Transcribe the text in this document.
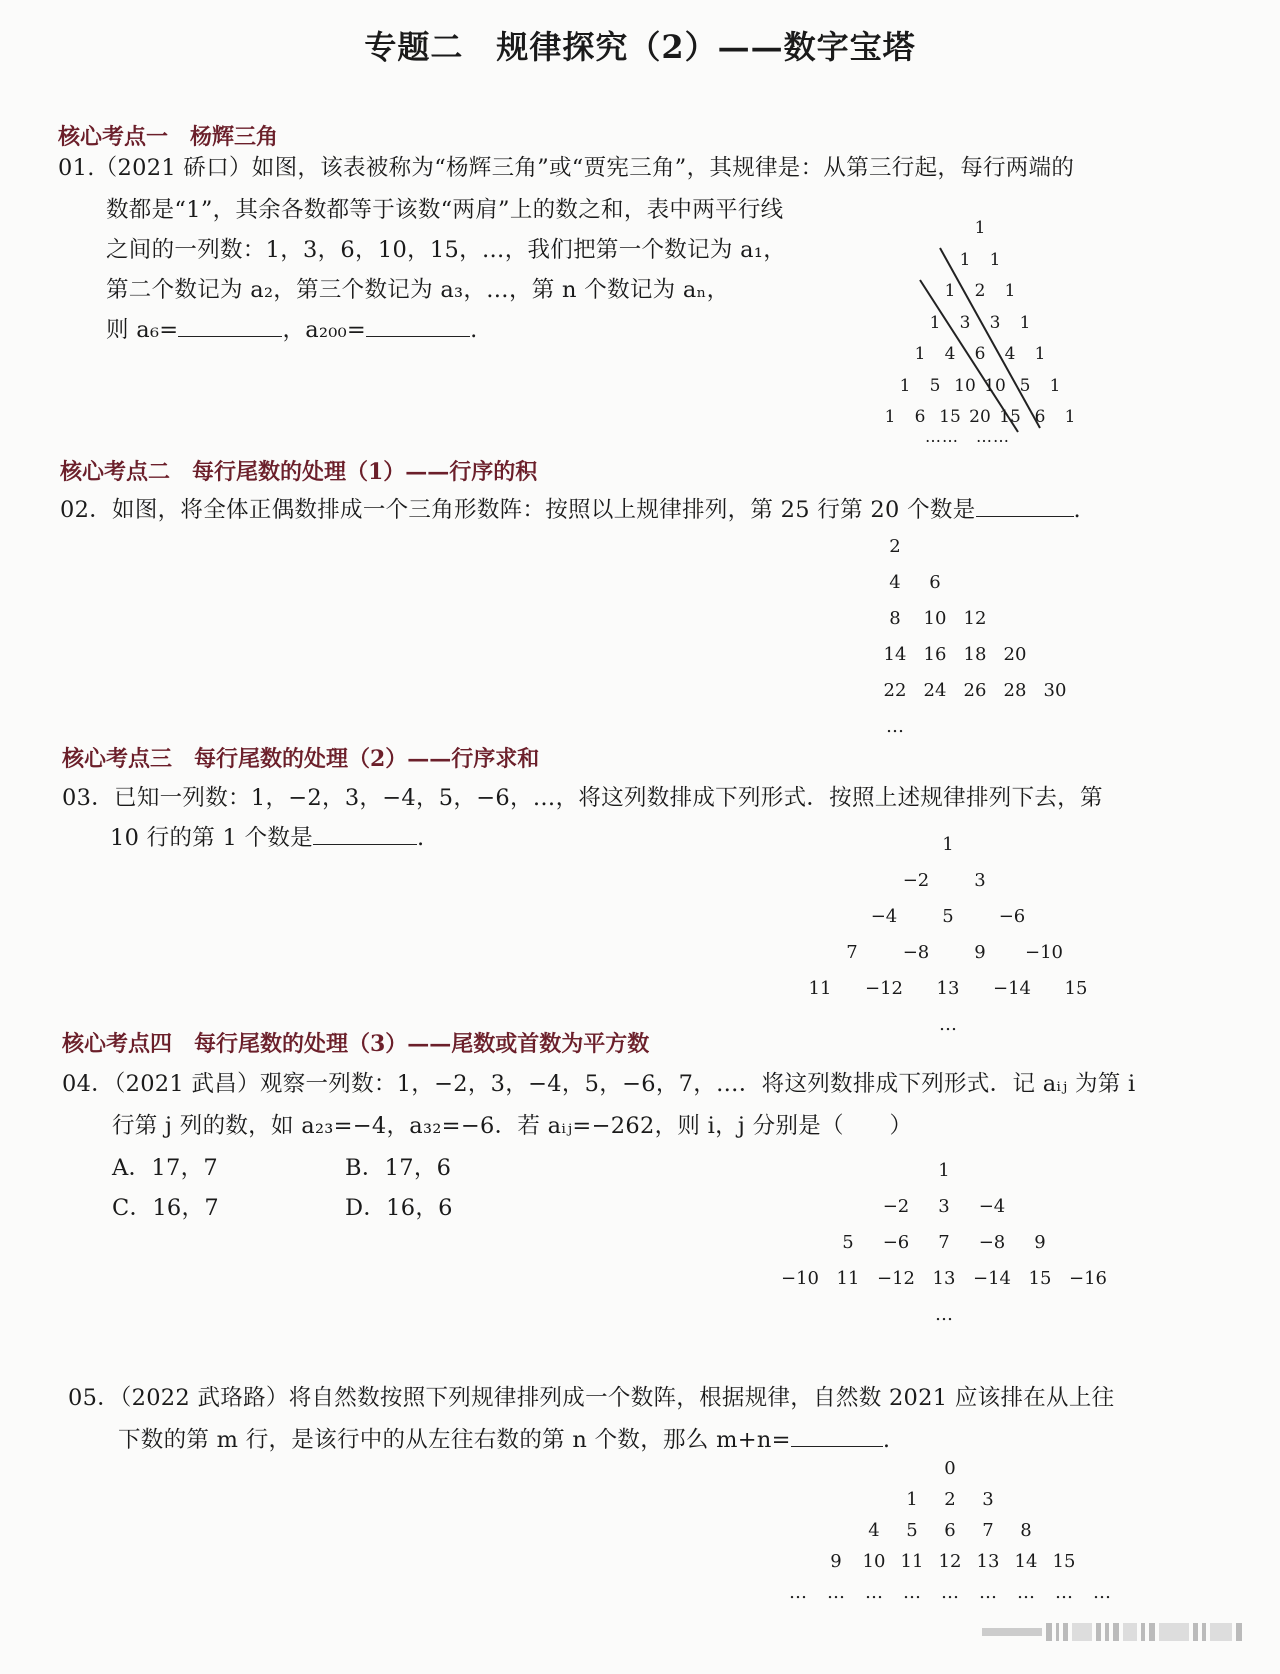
专题二　规律探究（2）——数字宝塔
核心考点一　杨辉三角
01.（2021 硚口）如图，该表被称为“杨辉三角”或“贾宪三角”，其规律是：从第三行起，每行两端的
数都是“1”，其余各数都等于该数“两肩”上的数之和，表中两平行线
之间的一列数：1，3，6，10，15，…，我们把第一个数记为 a₁，
第二个数记为 a₂，第三个数记为 a₃，…，第 n 个数记为 aₙ，
则 a₆=	，a₂₀₀=	.
1
1	1
1	2	1
1	3	3	1
1	4	6	4	1
1	5 10 10 5	1
1	6 15 20 15 6	1
……　……
核心考点二　每行尾数的处理（1）——行序的积
02．如图，将全体正偶数排成一个三角形数阵：按照以上规律排列，第 25 行第 20 个数是	.
2
4	6
8	10 12
14 16 18 20
22 24 26 28 30
…
核心考点三　每行尾数的处理（2）——行序求和
03．已知一列数：1，−2，3，−4，5，−6，…，将这列数排成下列形式．按照上述规律排列下去，第
10 行的第 1 个数是	.	1
−2	3
−4	5	−6
7	−8	9	−10
11	−12	13	−14	15
…
核心考点四　每行尾数的处理（3）——尾数或首数为平方数
04．（2021 武昌）观察一列数：1，−2，3，−4，5，−6，7，…．将这列数排成下列形式．记 aᵢⱼ 为第 i
行第 j 列的数，如 a₂₃=−4，a₃₂=−6．若 aᵢⱼ=−262，则 i，j 分别是（　　）
A．17，7	B．17，6
C．16，7	D．16，6
1
−2	3	−4
5	−6	7	−8	9
−10 11 −12 13 −14 15 −16
…
05．（2022 武珞路）将自然数按照下列规律排列成一个数阵，根据规律，自然数 2021 应该排在从上往
下数的第 m 行，是该行中的从左往右数的第 n 个数，那么 m+n=	.
0
1	2	3
4	5	6	7	8
9	10 11 12 13 14 15
…	…	…	…	…	…	…	…	…
